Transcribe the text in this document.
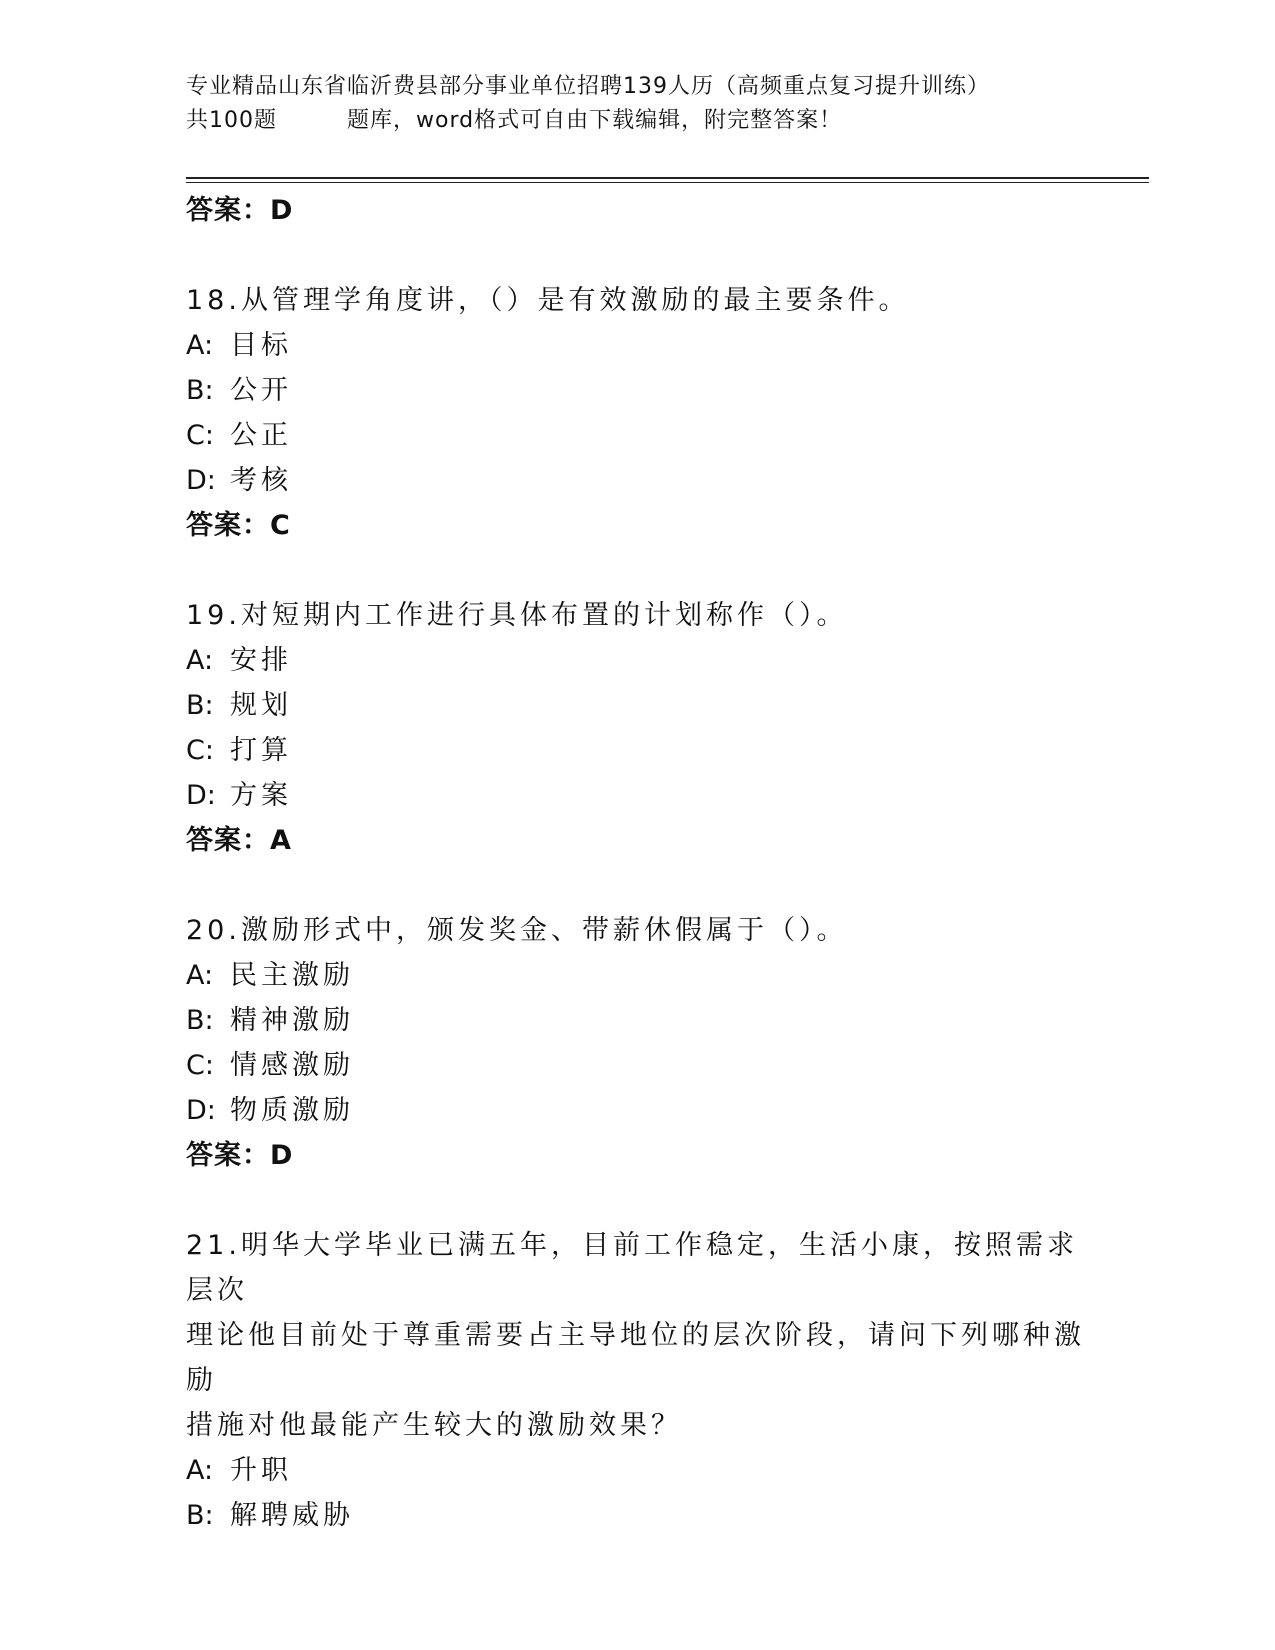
专业精品山东省临沂费县部分事业单位招聘139人历（高频重点复习提升训练）
共100题	题库，word格式可自由下载编辑，附完整答案！
答案：D
18.从管理学角度讲，（）是有效激励的最主要条件。
A: 目标
B: 公开
C: 公正
D: 考核
答案：C
19.对短期内工作进行具体布置的计划称作（）。
A: 安排
B: 规划
C: 打算
D: 方案
答案：A
20.激励形式中，颁发奖金、带薪休假属于（）。
A: 民主激励
B: 精神激励
C: 情感激励
D: 物质激励
答案：D
21.明华大学毕业已满五年，目前工作稳定，生活小康，按照需求层次
理论他目前处于尊重需要占主导地位的层次阶段，请问下列哪种激励
措施对他最能产生较大的激励效果？
A: 升职
B: 解聘威胁
